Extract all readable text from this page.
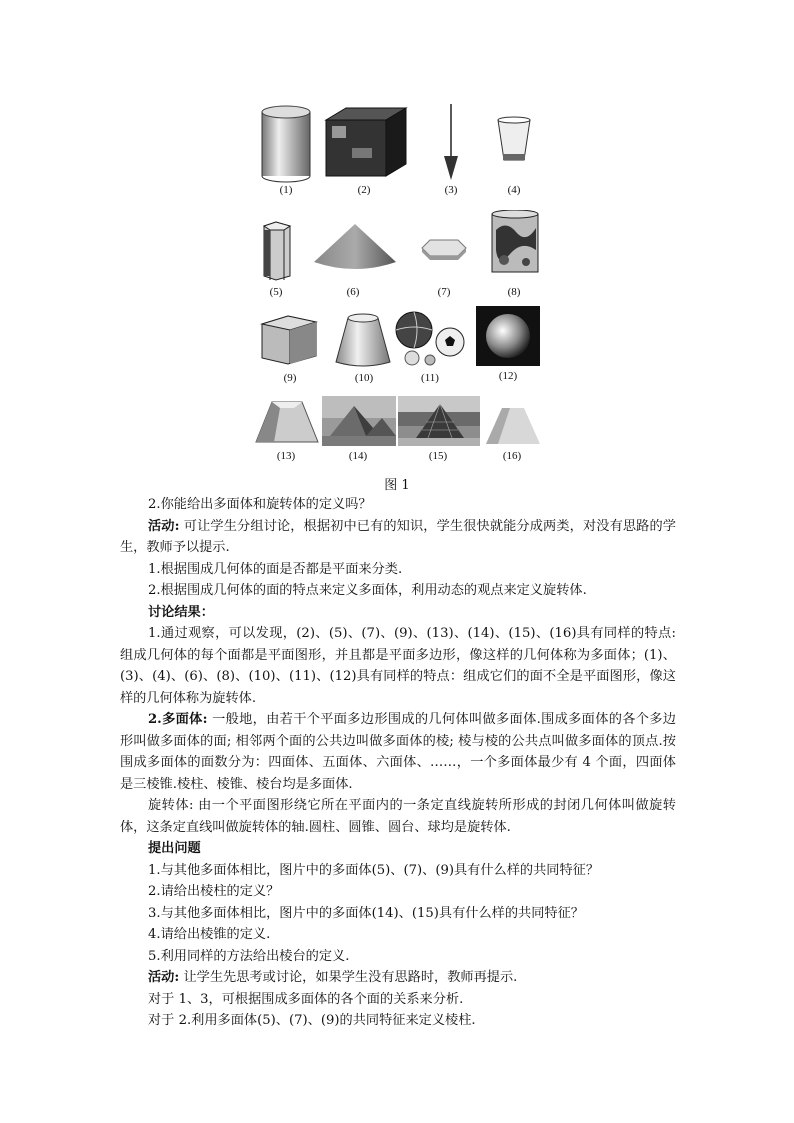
(1)	(2)	(3)	(4)
(5)	(6)	(7)	(8)
(9)	(10)	(11)	(12)
(13)	(14)	(15)	(16)
图 1

2.你能给出多面体和旋转体的定义吗？

活动: 可让学生分组讨论，根据初中已有的知识，学生很快就能分成两类，对没有思路的学生，教师予以提示.

1.根据围成几何体的面是否都是平面来分类.

2.根据围成几何体的面的特点来定义多面体，利用动态的观点来定义旋转体.

讨论结果：

1.通过观察，可以发现，(2)、(5)、(7)、(9)、(13)、(14)、(15)、(16)具有同样的特点: 组成几何体的每个面都是平面图形，并且都是平面多边形，像这样的几何体称为多面体；(1)、(3)、(4)、(6)、(8)、(10)、(11)、(12)具有同样的特点：组成它们的面不全是平面图形，像这样的几何体称为旋转体.

2.多面体: 一般地，由若干个平面多边形围成的几何体叫做多面体.围成多面体的各个多边形叫做多面体的面; 相邻两个面的公共边叫做多面体的棱; 棱与棱的公共点叫做多面体的顶点.按围成多面体的面数分为：四面体、五面体、六面体、……，一个多面体最少有 4 个面，四面体是三棱锥.棱柱、棱锥、棱台均是多面体.

旋转体: 由一个平面图形绕它所在平面内的一条定直线旋转所形成的封闭几何体叫做旋转体，这条定直线叫做旋转体的轴.圆柱、圆锥、圆台、球均是旋转体.

提出问题

1.与其他多面体相比，图片中的多面体(5)、(7)、(9)具有什么样的共同特征？

2.请给出棱柱的定义？

3.与其他多面体相比，图片中的多面体(14)、(15)具有什么样的共同特征？

4.请给出棱锥的定义.

5.利用同样的方法给出棱台的定义.

活动: 让学生先思考或讨论，如果学生没有思路时，教师再提示.

对于 1、3，可根据围成多面体的各个面的关系来分析.

对于 2.利用多面体(5)、(7)、(9)的共同特征来定义棱柱.
